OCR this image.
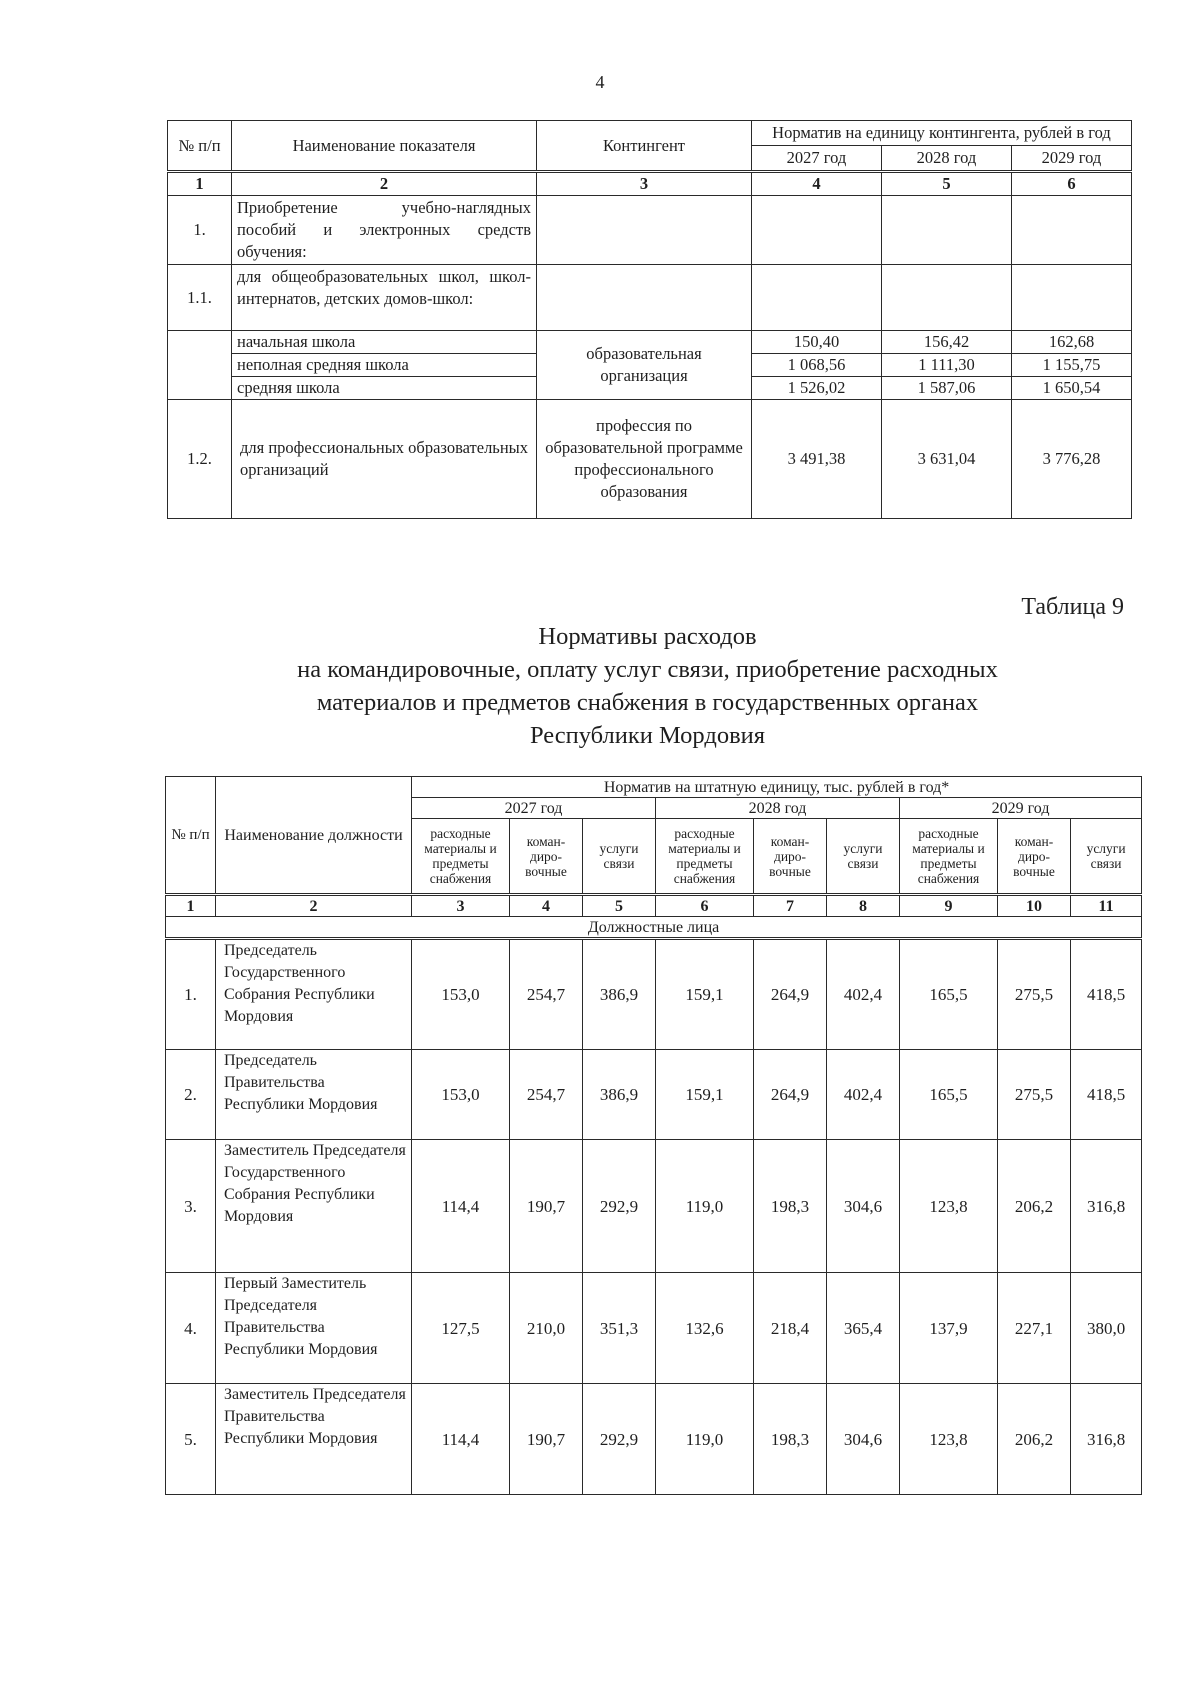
4
№ п/п	Наименование показателя	Контингент	Норматив на единицу контингента, рублей в год		
			2027 год	2028 год	2029 год
1	2	3	4	5	6
1.	Приобретение учебно-наглядных пособий и электронных средств обучения:				
1.1.	для общеобразовательных школ, школ-интернатов, детских домов-школ:				
	начальная школа	образовательная организация	150,40	156,42	162,68
	неполная средняя школа		1 068,56	1 111,30	1 155,75
	средняя школа		1 526,02	1 587,06	1 650,54
1.2.	для профессиональных образовательных организаций	профессия по образовательной программе профессионального образования	3 491,38	3 631,04	3 776,28
Таблица 9
Нормативы расходов
на командировочные, оплату услуг связи, приобретение расходных
материалов и предметов снабжения в государственных органах
Республики Мордовия
№ п/п	Наименование должности	Норматив на штатную единицу, тыс. рублей в год*								
		2027 год			2028 год			2029 год		
		расходные материалы и предметы снабжения	коман-диро-вочные	услуги связи	расходные материалы и предметы снабжения	коман-диро-вочные	услуги связи	расходные материалы и предметы снабжения	коман-диро-вочные	услуги связи
1	2	3	4	5	6	7	8	9	10	11
Должностные лица										
1.	Председатель Государственного Собрания Республики Мордовия	153,0	254,7	386,9	159,1	264,9	402,4	165,5	275,5	418,5
2.	Председатель Правительства Республики Мордовия	153,0	254,7	386,9	159,1	264,9	402,4	165,5	275,5	418,5
3.	Заместитель Председателя Государственного Собрания Республики Мордовия	114,4	190,7	292,9	119,0	198,3	304,6	123,8	206,2	316,8
4.	Первый Заместитель Председателя Правительства Республики Мордовия	127,5	210,0	351,3	132,6	218,4	365,4	137,9	227,1	380,0
5.	Заместитель Председателя Правительства Республики Мордовия	114,4	190,7	292,9	119,0	198,3	304,6	123,8	206,2	316,8
